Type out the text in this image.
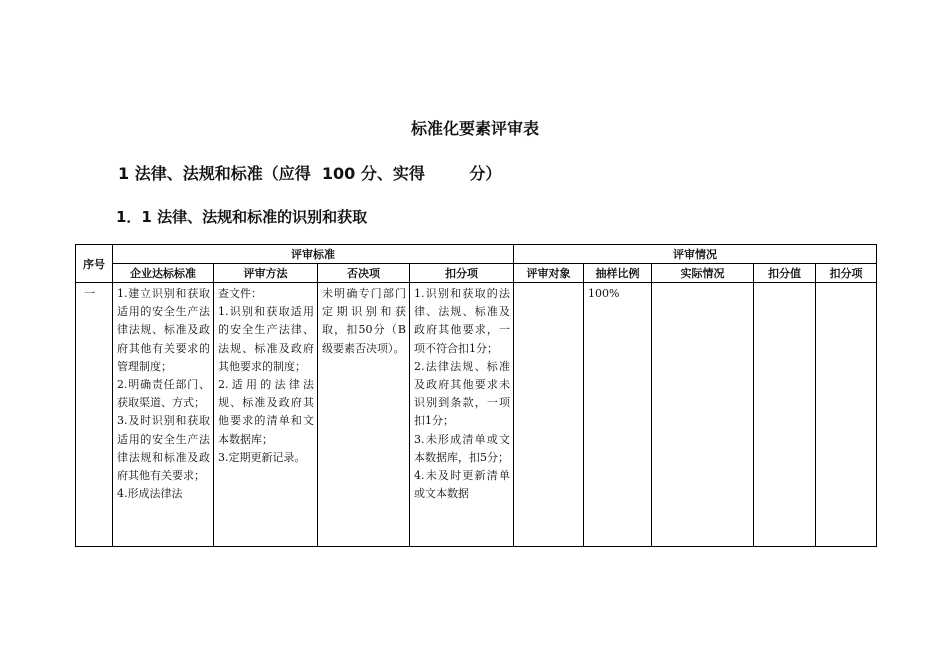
标准化要素评审表
1 法律、法规和标准（应得  100 分、实得        分）
1．1 法律、法规和标准的识别和获取
序号	评审标准				评审情况				
	企业达标标准	评审方法	否决项	扣分项	评审对象	抽样比例	实际情况	扣分值	扣分项

一	1.建立识别和获取适用的安全生产法律法规、标准及政府其他有关要求的管理制度；
2.明确责任部门、获取渠道、方式；
3.及时识别和获取适用的安全生产法律法规和标准及政府其他有关要求；
4.形成法律法	查文件：
1.识别和获取适用的安全生产法律、法规、标准及政府其他要求的制度；
2.适用的法律法规、标准及政府其他要求的清单和文本数据库；
3.定期更新记录。	未明确专门部门定期识别和获取，扣50分（B级要素否决项）。	1.识别和获取的法律、法规、标准及政府其他要求，一项不符合扣1分；
2.法律法规、标准及政府其他要求未识别到条款，一项扣1分；
3.未形成清单或文本数据库，扣5分；
4.未及时更新清单或文本数据		100%			
